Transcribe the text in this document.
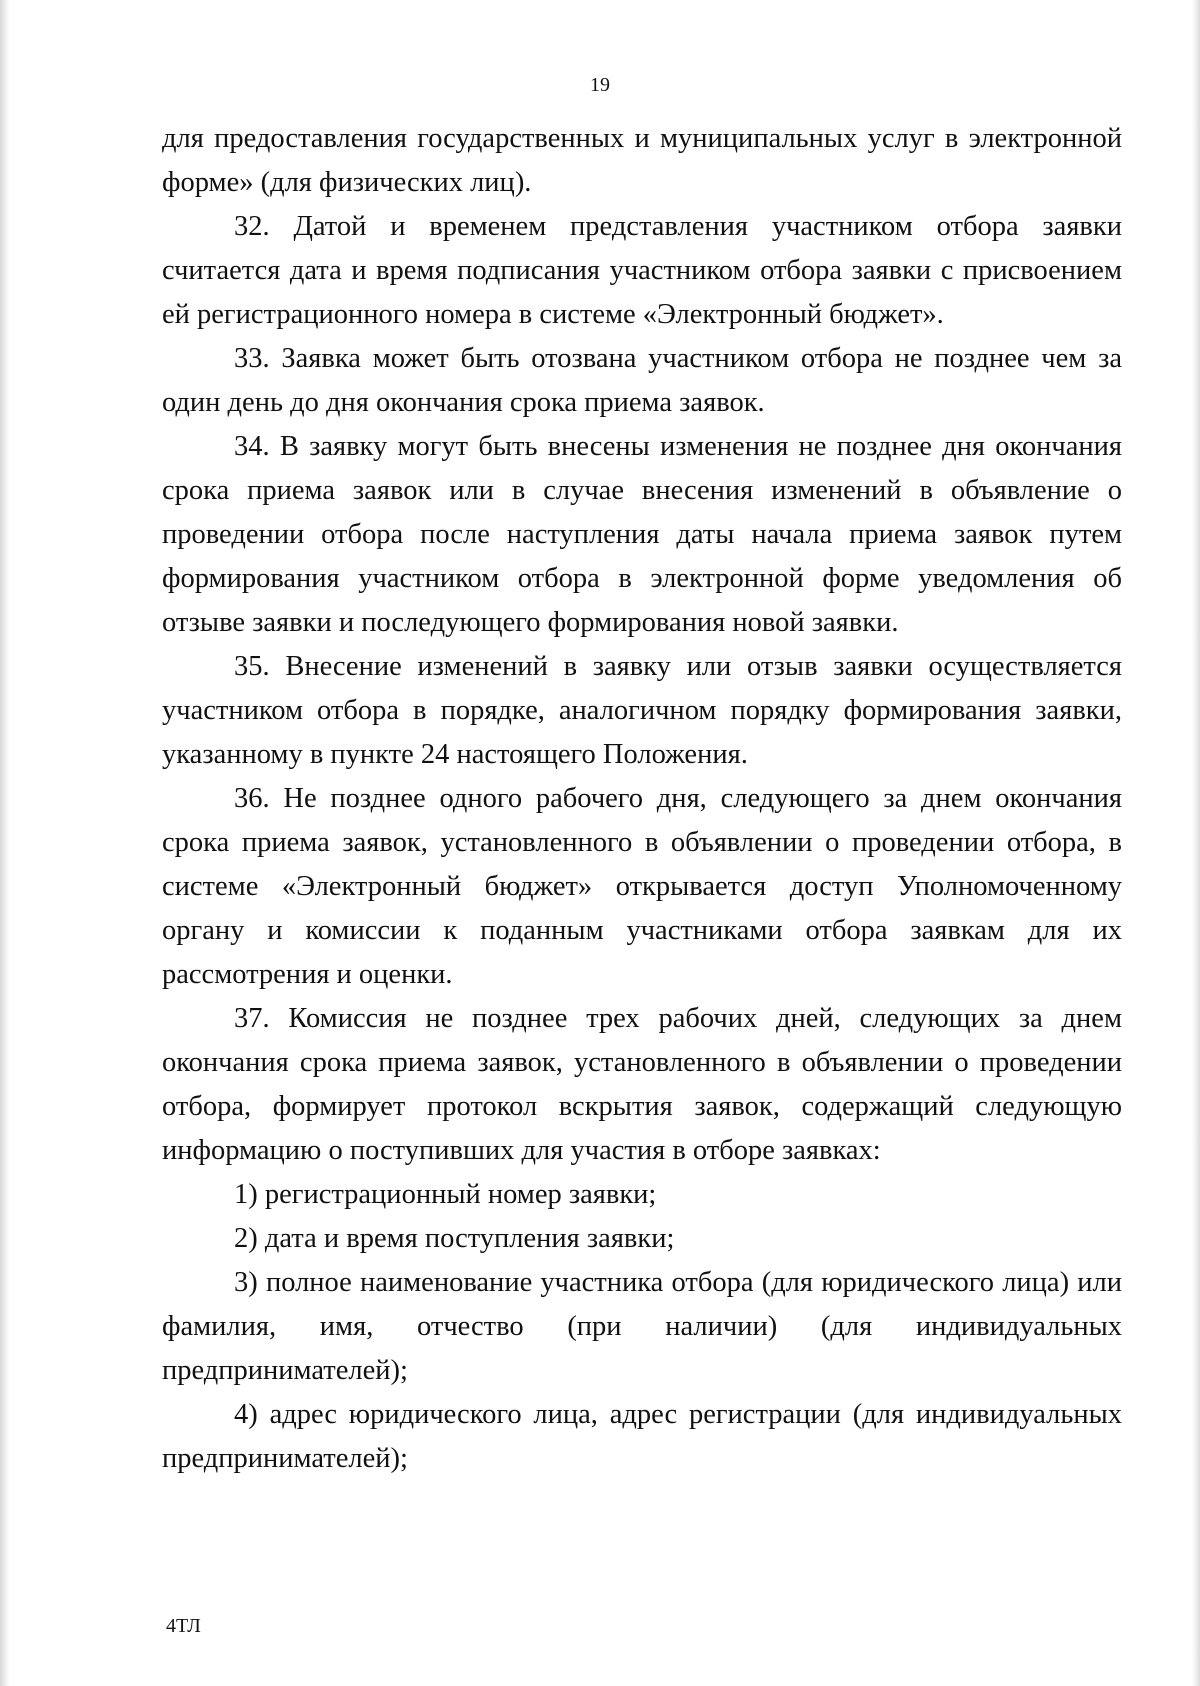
19

для предоставления государственных и муниципальных услуг в электронной форме» (для физических лиц).

32. Датой и временем представления участником отбора заявки считается дата и время подписания участником отбора заявки с присвоением ей регистрационного номера в системе «Электронный бюджет».

33. Заявка может быть отозвана участником отбора не позднее чем за один день до дня окончания срока приема заявок.

34. В заявку могут быть внесены изменения не позднее дня окончания срока приема заявок или в случае внесения изменений в объявление о проведении отбора после наступления даты начала приема заявок путем формирования участником отбора в электронной форме уведомления об отзыве заявки и последующего формирования новой заявки.

35. Внесение изменений в заявку или отзыв заявки осуществляется участником отбора в порядке, аналогичном порядку формирования заявки, указанному в пункте 24 настоящего Положения.

36. Не позднее одного рабочего дня, следующего за днем окончания срока приема заявок, установленного в объявлении о проведении отбора, в системе «Электронный бюджет» открывается доступ Уполномоченному органу и комиссии к поданным участниками отбора заявкам для их рассмотрения и оценки.

37. Комиссия не позднее трех рабочих дней, следующих за днем окончания срока приема заявок, установленного в объявлении о проведении отбора, формирует протокол вскрытия заявок, содержащий следующую информацию о поступивших для участия в отборе заявках:

1) регистрационный номер заявки;

2) дата и время поступления заявки;

3) полное наименование участника отбора (для юридического лица) или фамилия, имя, отчество (при наличии) (для индивидуальных предпринимателей);

4) адрес юридического лица, адрес регистрации (для индивидуальных предпринимателей);

4ТЛ
